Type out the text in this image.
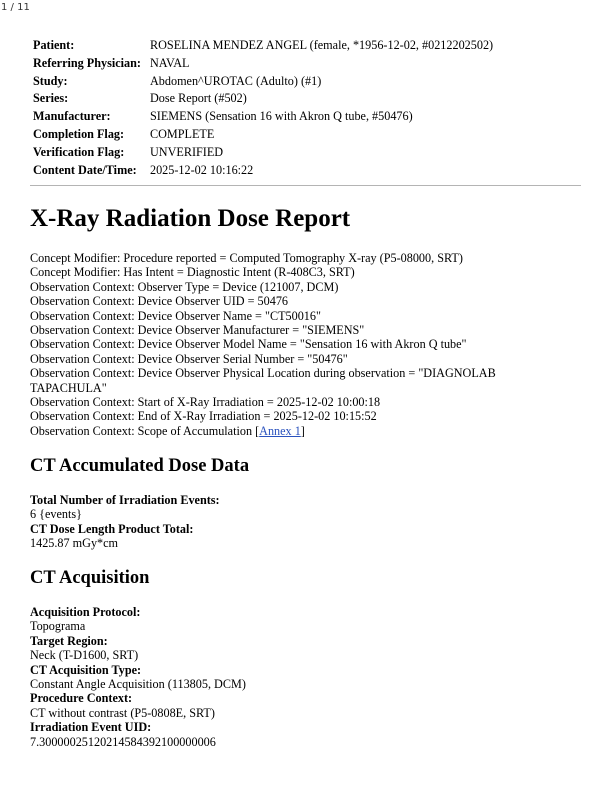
1 / 11
Patient:	ROSELINA MENDEZ ANGEL (female, *1956-12-02, #0212202502)
Referring Physician:	NAVAL
Study:	Abdomen^UROTAC (Adulto) (#1)
Series:	Dose Report (#502)
Manufacturer:	SIEMENS (Sensation 16 with Akron Q tube, #50476)
Completion Flag:	COMPLETE
Verification Flag:	UNVERIFIED
Content Date/Time:	2025-12-02 10:16:22
X-Ray Radiation Dose Report
Concept Modifier: Procedure reported = Computed Tomography X-ray (P5-08000, SRT)
Concept Modifier: Has Intent = Diagnostic Intent (R-408C3, SRT)
Observation Context: Observer Type = Device (121007, DCM)
Observation Context: Device Observer UID = 50476
Observation Context: Device Observer Name = "CT50016"
Observation Context: Device Observer Manufacturer = "SIEMENS"
Observation Context: Device Observer Model Name = "Sensation 16 with Akron Q tube"
Observation Context: Device Observer Serial Number = "50476"
Observation Context: Device Observer Physical Location during observation = "DIAGNOLAB TAPACHULA"
Observation Context: Start of X-Ray Irradiation = 2025-12-02 10:00:18
Observation Context: End of X-Ray Irradiation = 2025-12-02 10:15:52
Observation Context: Scope of Accumulation [Annex 1]
CT Accumulated Dose Data
Total Number of Irradiation Events:
6 {events}
CT Dose Length Product Total:
1425.87 mGy*cm
CT Acquisition
Acquisition Protocol:
Topograma
Target Region:
Neck (T-D1600, SRT)
CT Acquisition Type:
Constant Angle Acquisition (113805, DCM)
Procedure Context:
CT without contrast (P5-0808E, SRT)
Irradiation Event UID:
7.30000025120214584392100000006
